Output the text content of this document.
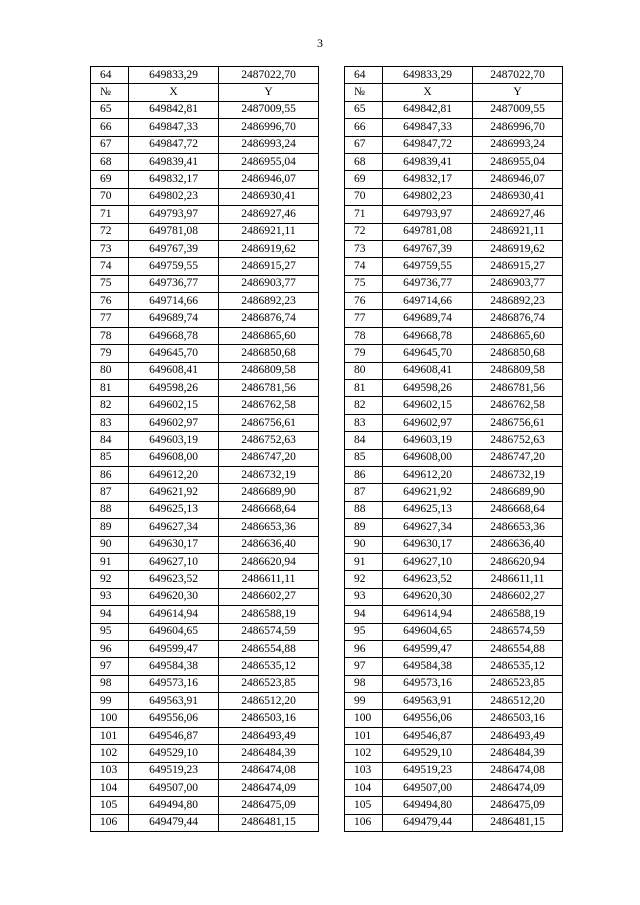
3
64	649833,29	2487022,70		64	649833,29	2487022,70
№	X	Y		№	X	Y
65	649842,81	2487009,55		65	649842,81	2487009,55
66	649847,33	2486996,70		66	649847,33	2486996,70
67	649847,72	2486993,24		67	649847,72	2486993,24
68	649839,41	2486955,04		68	649839,41	2486955,04
69	649832,17	2486946,07		69	649832,17	2486946,07
70	649802,23	2486930,41		70	649802,23	2486930,41
71	649793,97	2486927,46		71	649793,97	2486927,46
72	649781,08	2486921,11		72	649781,08	2486921,11
73	649767,39	2486919,62		73	649767,39	2486919,62
74	649759,55	2486915,27		74	649759,55	2486915,27
75	649736,77	2486903,77		75	649736,77	2486903,77
76	649714,66	2486892,23		76	649714,66	2486892,23
77	649689,74	2486876,74		77	649689,74	2486876,74
78	649668,78	2486865,60		78	649668,78	2486865,60
79	649645,70	2486850,68		79	649645,70	2486850,68
80	649608,41	2486809,58		80	649608,41	2486809,58
81	649598,26	2486781,56		81	649598,26	2486781,56
82	649602,15	2486762,58		82	649602,15	2486762,58
83	649602,97	2486756,61		83	649602,97	2486756,61
84	649603,19	2486752,63		84	649603,19	2486752,63
85	649608,00	2486747,20		85	649608,00	2486747,20
86	649612,20	2486732,19		86	649612,20	2486732,19
87	649621,92	2486689,90		87	649621,92	2486689,90
88	649625,13	2486668,64		88	649625,13	2486668,64
89	649627,34	2486653,36		89	649627,34	2486653,36
90	649630,17	2486636,40		90	649630,17	2486636,40
91	649627,10	2486620,94		91	649627,10	2486620,94
92	649623,52	2486611,11		92	649623,52	2486611,11
93	649620,30	2486602,27		93	649620,30	2486602,27
94	649614,94	2486588,19		94	649614,94	2486588,19
95	649604,65	2486574,59		95	649604,65	2486574,59
96	649599,47	2486554,88		96	649599,47	2486554,88
97	649584,38	2486535,12		97	649584,38	2486535,12
98	649573,16	2486523,85		98	649573,16	2486523,85
99	649563,91	2486512,20		99	649563,91	2486512,20
100	649556,06	2486503,16		100	649556,06	2486503,16
101	649546,87	2486493,49		101	649546,87	2486493,49
102	649529,10	2486484,39		102	649529,10	2486484,39
103	649519,23	2486474,08		103	649519,23	2486474,08
104	649507,00	2486474,09		104	649507,00	2486474,09
105	649494,80	2486475,09		105	649494,80	2486475,09
106	649479,44	2486481,15		106	649479,44	2486481,15
